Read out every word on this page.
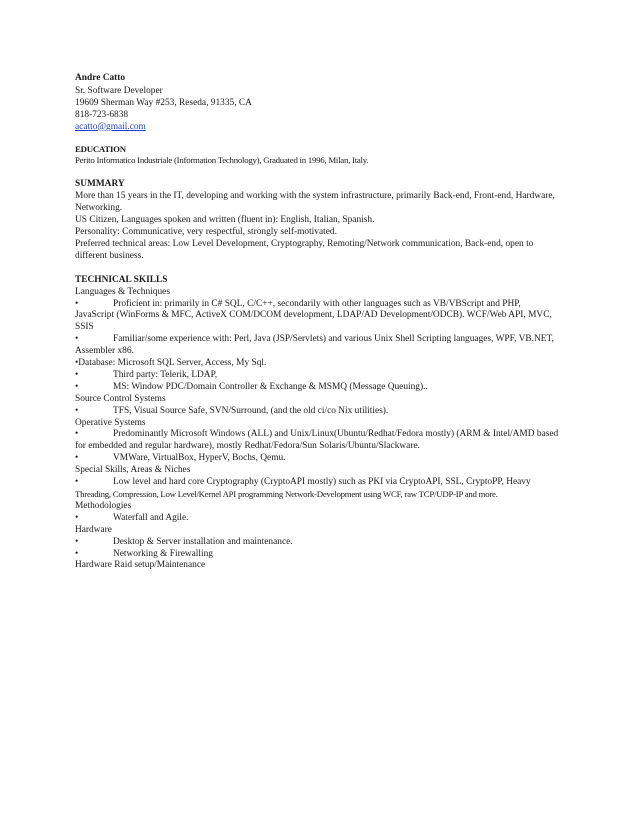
Andre Catto
Sr. Software Developer
19609 Sherman Way #253, Reseda, 91335, CA
818-723-6838
acatto@gmail.com
EDUCATION
Perito Informatico Industriale (Information Technology), Graduated in 1996, Milan, Italy.
SUMMARY
More than 15 years in the IT, developing and working with the system infrastructure, primarily Back-end, Front-end, Hardware,
Networking.
US Citizen, Languages spoken and written (fluent in): English, Italian, Spanish.
Personality: Communicative, very respectful, strongly self-motivated.
Preferred technical areas: Low Level Development, Cryptography, Remoting/Network communication, Back-end, open to
different business.
TECHNICAL SKILLS
Languages & Techniques
•	Proficient in: primarily in C# SQL, C/C++, secondarily with other languages such as VB/VBScript and PHP,
JavaScript (WinForms & MFC, ActiveX COM/DCOM development, LDAP/AD Development/ODCB). WCF/Web API, MVC,
SSIS
•	Familiar/some experience with: Perl, Java (JSP/Servlets) and various Unix Shell Scripting languages, WPF, VB.NET,
Assembler x86.
•Database: Microsoft SQL Server, Access, My Sql.
•	Third party: Telerik, LDAP,
•	MS: Window PDC/Domain Controller & Exchange & MSMQ (Message Queuing)..
Source Control Systems
•	TFS, Visual Source Safe, SVN/Surround, (and the old ci/co Nix utilities).
Operative Systems
•	Predominantly Microsoft Windows (ALL) and Unix/Linux(Ubuntu/Redhat/Fedora mostly) (ARM & Intel/AMD based
for embedded and regular hardware), mostly Redhat/Fedora/Sun Solaris/Ubuntu/Slackware.
•	VMWare, VirtualBox, HyperV, Bochs, Qemu.
Special Skills, Areas & Niches
•	Low level and hard core Cryptography (CryptoAPI mostly) such as PKI via CryptoAPI, SSL, CryptoPP, Heavy
Threading, Compression, Low Level/Kernel API programming Network-Development using WCF, raw TCP/UDP-IP and more.
Methodologies
•	Waterfall and Agile.
Hardware
•	Desktop & Server installation and maintenance.
•	Networking & Firewalling
Hardware Raid setup/Maintenance
